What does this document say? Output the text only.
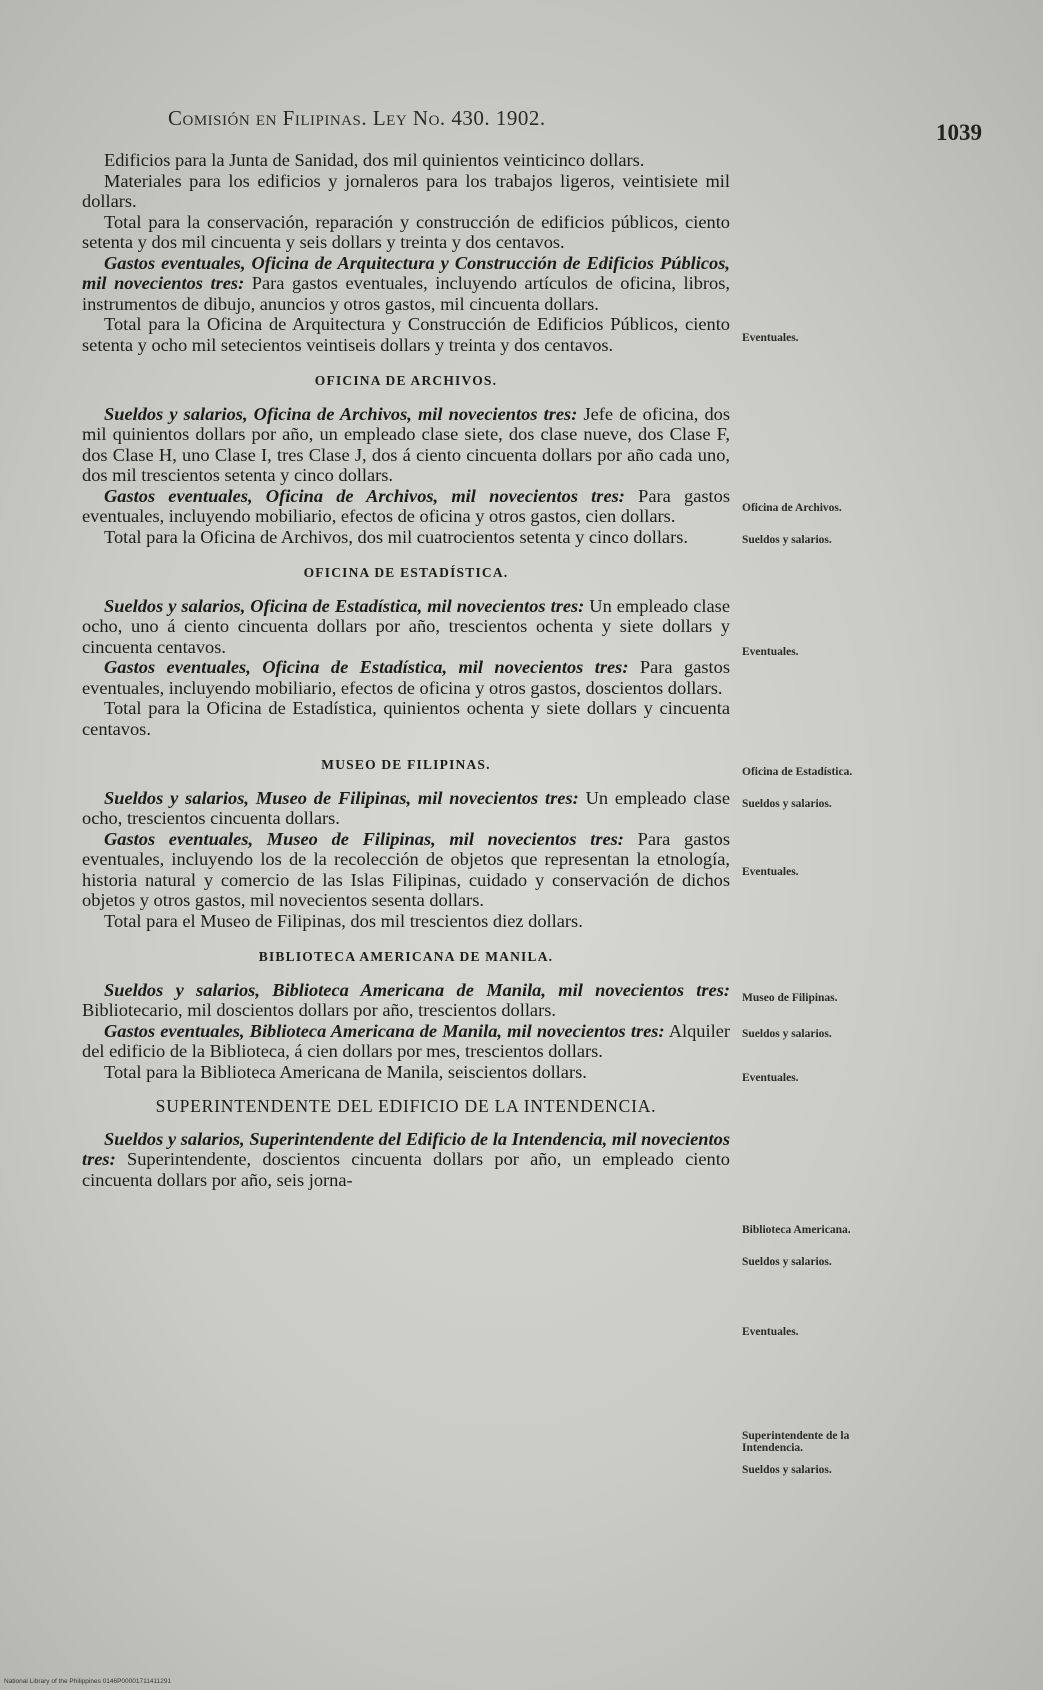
Comisión en Filipinas. Ley No. 430. 1902.
1039

Edificios para la Junta de Sanidad, dos mil quinientos veinticinco dollars.

Materiales para los edificios y jornaleros para los trabajos ligeros, veintisiete mil dollars.

Total para la conservación, reparación y construcción de edificios públicos, ciento setenta y dos mil cincuenta y seis dollars y treinta y dos centavos.

Gastos eventuales, Oficina de Arquitectura y Construcción de Edificios Públicos, mil novecientos tres: Para gastos eventuales, incluyendo artículos de oficina, libros, instrumentos de dibujo, anuncios y otros gastos, mil cincuenta dollars.

Total para la Oficina de Arquitectura y Construcción de Edificios Públicos, ciento setenta y ocho mil setecientos veintiseis dollars y treinta y dos centavos.

OFICINA DE ARCHIVOS.

Sueldos y salarios, Oficina de Archivos, mil novecientos tres: Jefe de oficina, dos mil quinientos dollars por año, un empleado clase siete, dos clase nueve, dos Clase F, dos Clase H, uno Clase I, tres Clase J, dos á ciento cincuenta dollars por año cada uno, dos mil trescientos setenta y cinco dollars.

Gastos eventuales, Oficina de Archivos, mil novecientos tres: Para gastos eventuales, incluyendo mobiliario, efectos de oficina y otros gastos, cien dollars.

Total para la Oficina de Archivos, dos mil cuatrocientos setenta y cinco dollars.

OFICINA DE ESTADÍSTICA.

Sueldos y salarios, Oficina de Estadística, mil novecientos tres: Un empleado clase ocho, uno á ciento cincuenta dollars por año, trescientos ochenta y siete dollars y cincuenta centavos.

Gastos eventuales, Oficina de Estadística, mil novecientos tres: Para gastos eventuales, incluyendo mobiliario, efectos de oficina y otros gastos, doscientos dollars.

Total para la Oficina de Estadística, quinientos ochenta y siete dollars y cincuenta centavos.

MUSEO DE FILIPINAS.

Sueldos y salarios, Museo de Filipinas, mil novecientos tres: Un empleado clase ocho, trescientos cincuenta dollars.

Gastos eventuales, Museo de Filipinas, mil novecientos tres: Para gastos eventuales, incluyendo los de la recolección de objetos que representan la etnología, historia natural y comercio de las Islas Filipinas, cuidado y conservación de dichos objetos y otros gastos, mil novecientos sesenta dollars.

Total para el Museo de Filipinas, dos mil trescientos diez dollars.

BIBLIOTECA AMERICANA DE MANILA.

Sueldos y salarios, Biblioteca Americana de Manila, mil novecientos tres: Bibliotecario, mil doscientos dollars por año, trescientos dollars.

Gastos eventuales, Biblioteca Americana de Manila, mil novecientos tres: Alquiler del edificio de la Biblioteca, á cien dollars por mes, trescientos dollars.

Total para la Biblioteca Americana de Manila, seiscientos dollars.

SUPERINTENDENTE DEL EDIFICIO DE LA INTENDENCIA.

Sueldos y salarios, Superintendente del Edificio de la Intendencia, mil novecientos tres: Superintendente, doscientos cincuenta dollars por año, un empleado ciento cincuenta dollars por año, seis jorna-

Eventuales.
Oficina de Archivos.
Sueldos y salarios.
Eventuales.
Oficina de Estadística.
Sueldos y salarios.
Eventuales.
Museo de Filipinas.
Sueldos y salarios.
Eventuales.
Biblioteca Americana.
Sueldos y salarios.
Eventuales.
Superintendente de la Intendencia.
Sueldos y salarios.
National Library of the Philippines 0146P00001711411291
